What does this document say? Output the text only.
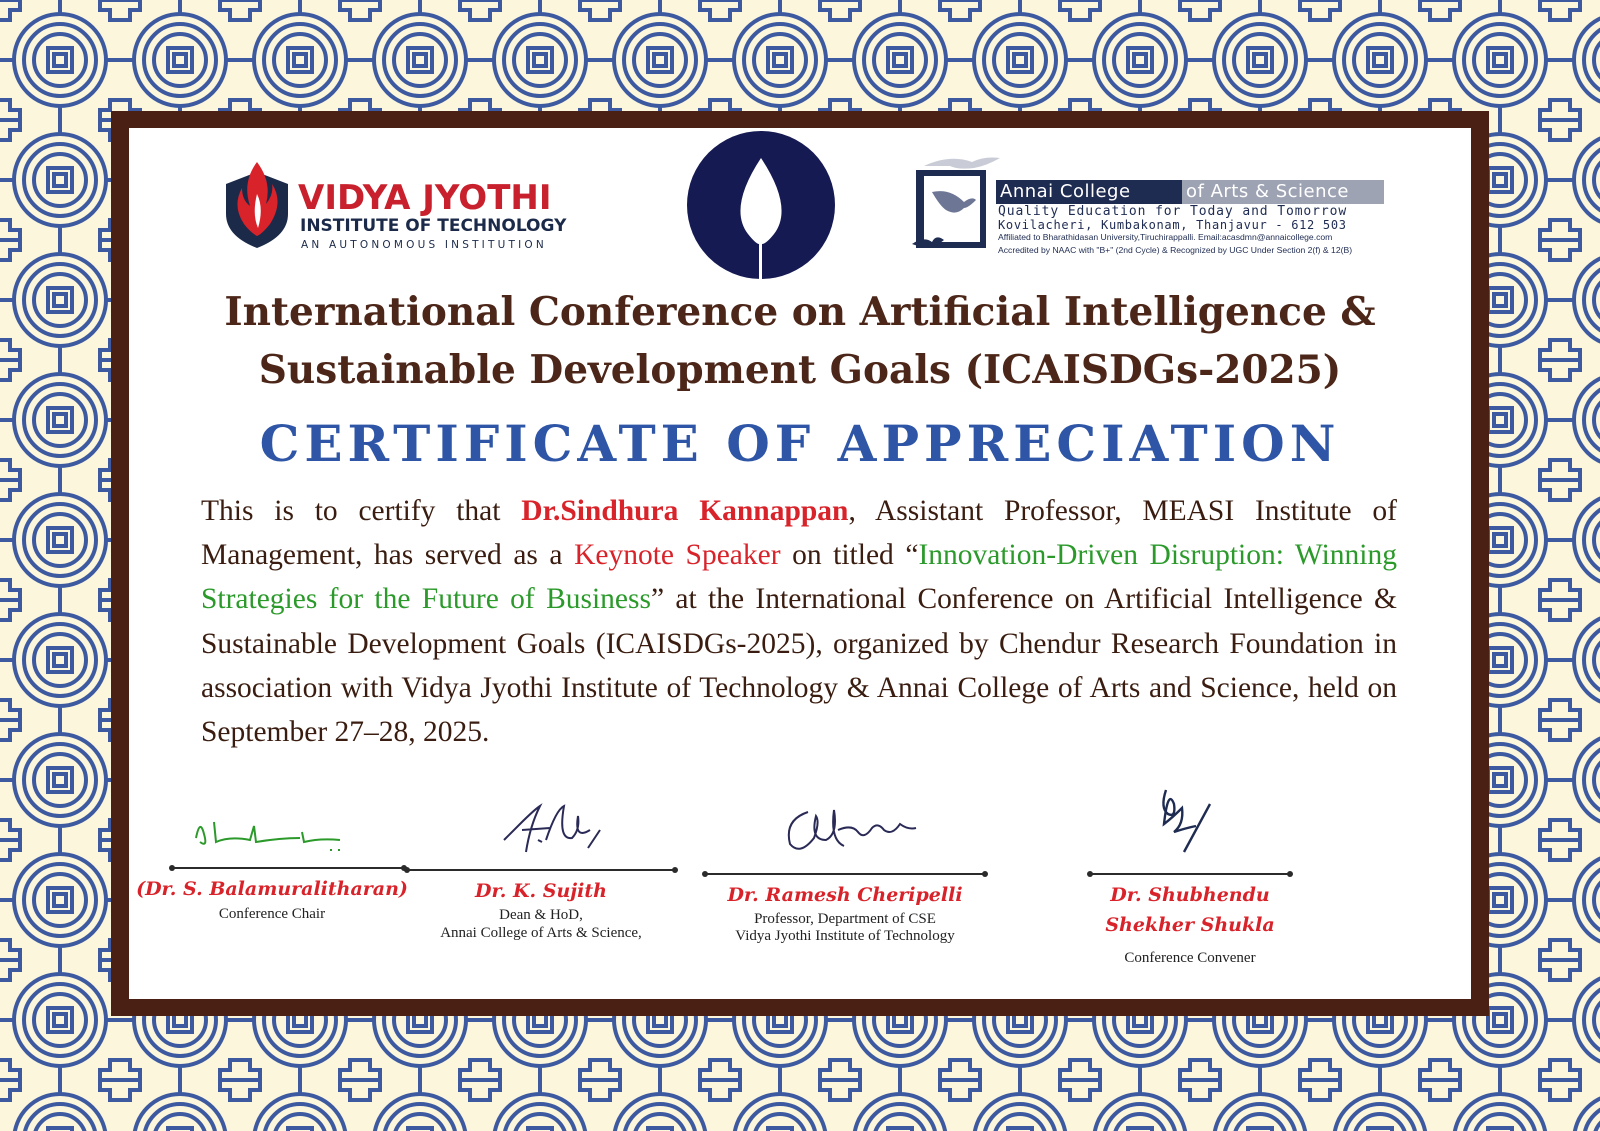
VIDYA JYOTHI
INSTITUTE OF TECHNOLOGY
AN AUTONOMOUS INSTITUTION
Annai College	of Arts & Science
Quality Education for Today and Tomorrow
Kovilacheri, Kumbakonam, Thanjavur - 612 503
Affiliated to Bharathidasan University,Tiruchirappalli. Email:acasdmn@annaicollege.com
Accredited by NAAC with "B+" (2nd Cycle) & Recognized by UGC Under Section 2(f) & 12(B)
International Conference on Artificial Intelligence &
Sustainable Development Goals (ICAISDGs-2025)
CERTIFICATE OF APPRECIATION
This is to certify that Dr.Sindhura Kannappan, Assistant Professor, MEASI Institute of Management, has served as a Keynote Speaker on titled “Innovation-Driven Disruption: Winning Strategies for the Future of Business” at the International Conference on Artificial Intelligence & Sustainable Development Goals (ICAISDGs-2025), organized by Chendur Research Foundation in association with Vidya Jyothi Institute of Technology & Annai College of Arts and Science, held on September 27–28, 2025.
(Dr. S. Balamuralitharan)
Conference Chair
Dr. K. Sujith
Dean & HoD,
Annai College of Arts & Science,
Dr. Ramesh Cheripelli
Professor, Department of CSE
Vidya Jyothi Institute of Technology
Dr. Shubhendu
Shekher Shukla
Conference Convener
